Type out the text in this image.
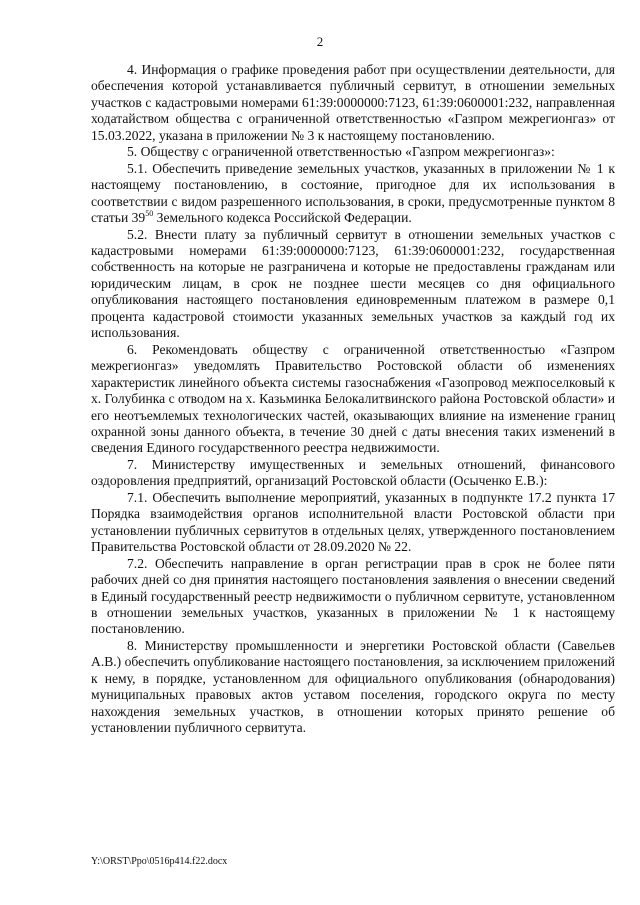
2

4. Информация о графике проведения работ при осуществлении деятельности, для обеспечения которой устанавливается публичный сервитут, в отношении земельных участков с кадастровыми номерами 61:39:0000000:7123, 61:39:0600001:232, направленная ходатайством общества с ограниченной ответственностью «Газпром межрегионгаз» от 15.03.2022, указана в приложении № 3 к настоящему постановлению.

5. Обществу с ограниченной ответственностью «Газпром межрегионгаз»:

5.1. Обеспечить приведение земельных участков, указанных в приложении № 1 к настоящему постановлению, в состояние, пригодное для их использования в соответствии с видом разрешенного использования, в сроки, предусмотренные пунктом 8 статьи $39^{50}$ Земельного кодекса Российской Федерации.

5.2. Внести плату за публичный сервитут в отношении земельных участков с кадастровыми номерами 61:39:0000000:7123, 61:39:0600001:232, государственная собственность на которые не разграничена и которые не предоставлены гражданам или юридическим лицам, в срок не позднее шести месяцев со дня официального опубликования настоящего постановления единовременным платежом в размере 0,1 процента кадастровой стоимости указанных земельных участков за каждый год их использования.

6. Рекомендовать обществу с ограниченной ответственностью «Газпром межрегионгаз» уведомлять Правительство Ростовской области об изменениях характеристик линейного объекта системы газоснабжения «Газопровод межпоселковый к х. Голубинка с отводом на х. Казьминка Белокалитвинского района Ростовской области» и его неотъемлемых технологических частей, оказывающих влияние на изменение границ охранной зоны данного объекта, в течение 30 дней с даты внесения таких изменений в сведения Единого государственного реестра недвижимости.

7. Министерству имущественных и земельных отношений, финансового оздоровления предприятий, организаций Ростовской области (Осыченко Е.В.):

7.1. Обеспечить выполнение мероприятий, указанных в подпункте 17.2 пункта 17 Порядка взаимодействия органов исполнительной власти Ростовской области при установлении публичных сервитутов в отдельных целях, утвержденного постановлением Правительства Ростовской области от 28.09.2020 № 22.

7.2. Обеспечить направление в орган регистрации прав в срок не более пяти рабочих дней со дня принятия настоящего постановления заявления о внесении сведений в Единый государственный реестр недвижимости о публичном сервитуте, установленном в отношении земельных участков, указанных в приложении № 1 к настоящему постановлению.

8. Министерству промышленности и энергетики Ростовской области (Савельев А.В.) обеспечить опубликование настоящего постановления, за исключением приложений к нему, в порядке, установленном для официального опубликования (обнародования) муниципальных правовых актов уставом поселения, городского округа по месту нахождения земельных участков, в отношении которых принято решение об установлении публичного сервитута.

Y:\ORST\Ppo\0516p414.f22.docx
